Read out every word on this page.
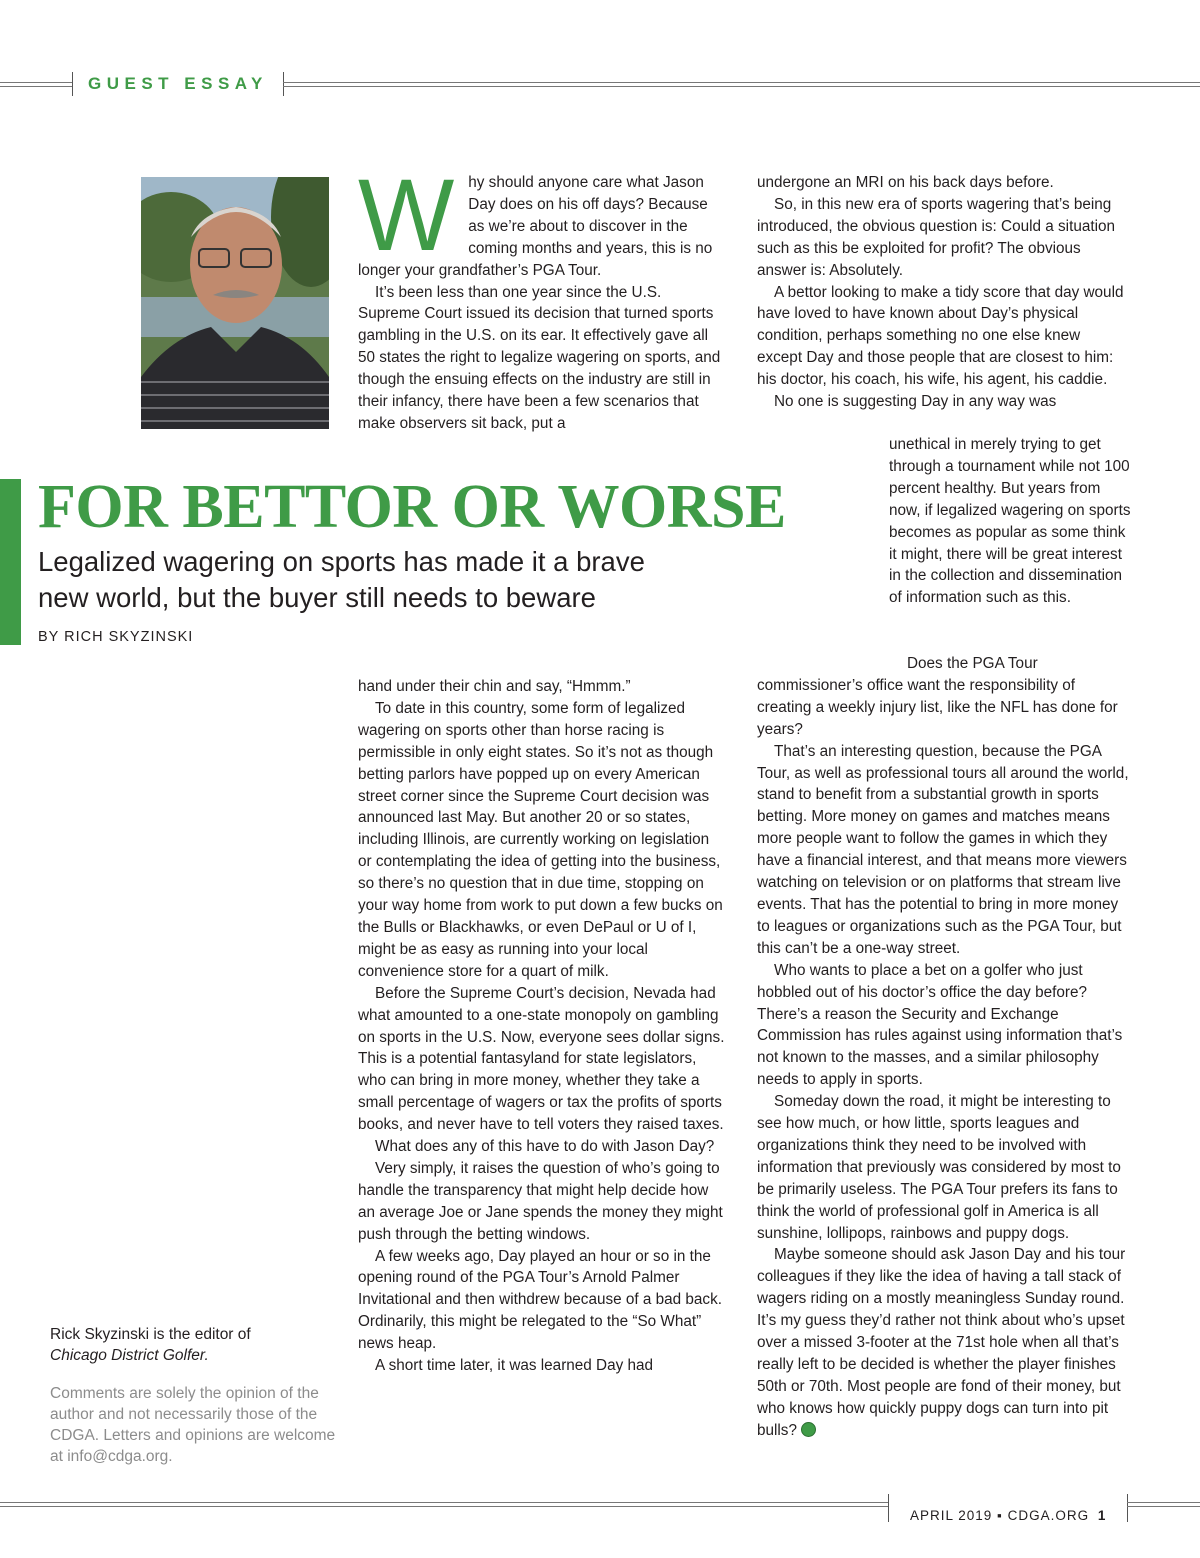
GUEST ESSAY

Why should anyone care what Jason Day does on his off days? Because as we’re about to discover in the coming months and years, this is no longer your grandfather’s PGA Tour.

It’s been less than one year since the U.S. Supreme Court issued its decision that turned sports gambling in the U.S. on its ear. It effectively gave all 50 states the right to legalize wagering on sports, and though the ensuing effects on the industry are still in their infancy, there have been a few scenarios that make observers sit back, put a

undergone an MRI on his back days before.

So, in this new era of sports wagering that’s being introduced, the obvious question is: Could a situation such as this be exploited for profit? The obvious answer is: Absolutely.

A bettor looking to make a tidy score that day would have loved to have known about Day’s physical condition, perhaps something no one else knew except Day and those people that are closest to him: his doctor, his coach, his wife, his agent, his caddie.

No one is suggesting Day in any way was

unethical in merely trying to get through a tournament while not 100 percent healthy. But years from now, if legalized wagering on sports becomes as popular as some think it might, there will be great interest in the collection and dissemination of information such as this.

FOR BETTOR OR WORSE
Legalized wagering on sports has made it a brave
new world, but the buyer still needs to beware
BY RICH SKYZINSKI

hand under their chin and say, “Hmmm.”

To date in this country, some form of legalized wagering on sports other than horse racing is permissible in only eight states. So it’s not as though betting parlors have popped up on every American street corner since the Supreme Court decision was announced last May. But another 20 or so states, including Illinois, are currently working on legislation or contemplating the idea of getting into the business, so there’s no question that in due time, stopping on your way home from work to put down a few bucks on the Bulls or Blackhawks, or even DePaul or U of I, might be as easy as running into your local convenience store for a quart of milk.

Before the Supreme Court’s decision, Nevada had what amounted to a one-state monopoly on gambling on sports in the U.S. Now, everyone sees dollar signs. This is a potential fantasyland for state legislators, who can bring in more money, whether they take a small percentage of wagers or tax the profits of sports books, and never have to tell voters they raised taxes.

What does any of this have to do with Jason Day?

Very simply, it raises the question of who’s going to handle the transparency that might help decide how an average Joe or Jane spends the money they might push through the betting windows.

A few weeks ago, Day played an hour or so in the opening round of the PGA Tour’s Arnold Palmer Invitational and then withdrew because of a bad back. Ordinarily, this might be relegated to the “So What” news heap.

A short time later, it was learned Day had

Does the PGA Tour commissioner’s office want the responsibility of creating a weekly injury list, like the NFL has done for years?

That’s an interesting question, because the PGA Tour, as well as professional tours all around the world, stand to benefit from a substantial growth in sports betting. More money on games and matches means more people want to follow the games in which they have a financial interest, and that means more viewers watching on television or on platforms that stream live events. That has the potential to bring in more money to leagues or organizations such as the PGA Tour, but this can’t be a one-way street.

Who wants to place a bet on a golfer who just hobbled out of his doctor’s office the day before? There’s a reason the Security and Exchange Commission has rules against using information that’s not known to the masses, and a similar philosophy needs to apply in sports.

Someday down the road, it might be interesting to see how much, or how little, sports leagues and organizations think they need to be involved with information that previously was considered by most to be primarily useless. The PGA Tour prefers its fans to think the world of professional golf in America is all sunshine, lollipops, rainbows and puppy dogs.

Maybe someone should ask Jason Day and his tour colleagues if they like the idea of having a tall stack of wagers riding on a mostly meaningless Sunday round. It’s my guess they’d rather not think about who’s upset over a missed 3-footer at the 71st hole when all that’s really left to be decided is whether the player finishes 50th or 70th. Most people are fond of their money, but who knows how quickly puppy dogs can turn into pit bulls?

Rick Skyzinski is the editor of
Chicago District Golfer.
Comments are solely the opinion of the author and not necessarily those of the CDGA. Letters and opinions are welcome at info@cdga.org.
APRIL 2019 ▪ CDGA.ORG 1
